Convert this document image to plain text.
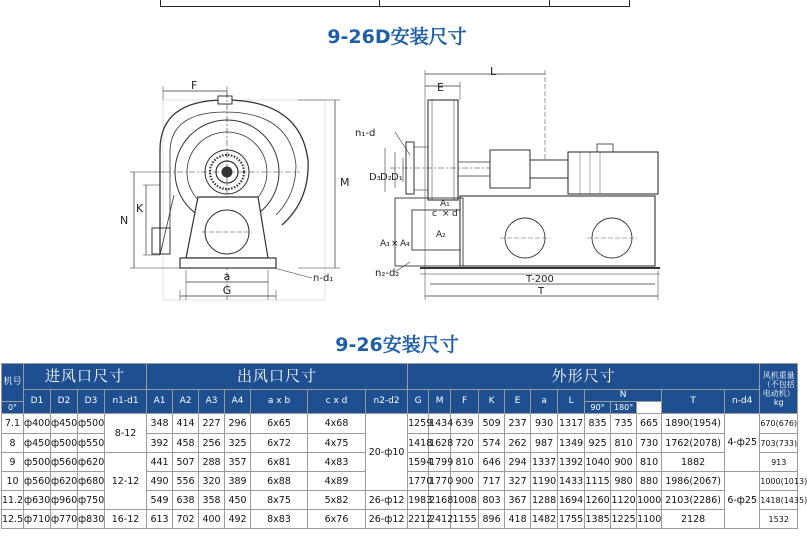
9-26D安装尺寸
F
M
N
K
a
G
n-d₁
E
L
n₁-d
D₃ D₂ D₁
A₁
c × d
A₂
A₃ × A₄
n₂-d₂
T-200
T
9-26安装尺寸
机号	进风口尺寸				出风口尺寸							外形尺寸												风机重量（不包括电动机）kg
	D1	D2	D3	n1-d1	A1	A2	A3	A4	a x b	c x d	n2-d2	G	M	F	K	E	a	L	N			T	n-d4	
0°																			90°	180°				
7.1	ф400	ф450	ф500	8-12	348	414	227	296	6x65	4x68	20-ф10	1259	1434	639	509	237	930	1317	835	735	665	1890(1954)	4-ф25	670(676)
8	ф450	ф500	ф550		392	458	256	325	6x72	4x75		1418	1628	720	574	262	987	1349	925	810	730	1762(2078)		703(733)
9	ф500	ф560	ф620	12-12	441	507	288	357	6x81	4x83		1594	1799	810	646	294	1337	1392	1040	900	810	1882		913
10	ф560	ф620	ф680		490	556	320	389	6x88	4x89		1770	1770	900	717	327	1190	1433	1115	980	880	1986(2067)	6-ф25	1000(1013)
11.2	ф630	ф960	ф750		549	638	358	450	8x75	5x82	26-ф12	1983	2168	1008	803	367	1288	1694	1260	1120	1000	2103(2286)		1418(1435)
12.5	ф710	ф770	ф830	16-12	613	702	400	492	8x83	6x76	26-ф12	2212	2412	1155	896	418	1482	1755	1385	1225	1100	2128		1532
